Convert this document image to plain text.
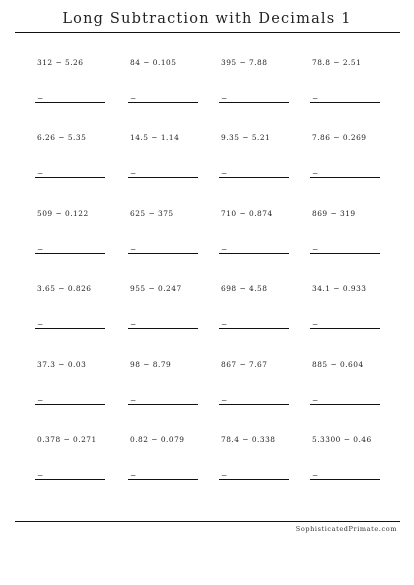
Long Subtraction with Decimals 1
312 − 5.26
−
84 − 0.105
−
395 − 7.88
−
78.8 − 2.51
−
6.26 − 5.35
−
14.5 − 1.14
−
9.35 − 5.21
−
7.86 − 0.269
−
509 − 0.122
−
625 − 375
−
710 − 0.874
−
869 − 319
−
3.65 − 0.826
−
955 − 0.247
−
698 − 4.58
−
34.1 − 0.933
−
37.3 − 0.03
−
98 − 8.79
−
867 − 7.67
−
885 − 0.604
−
0.378 − 0.271
−
0.82 − 0.079
−
78.4 − 0.338
−
5.3300 − 0.46
−
SophisticatedPrimate.com
